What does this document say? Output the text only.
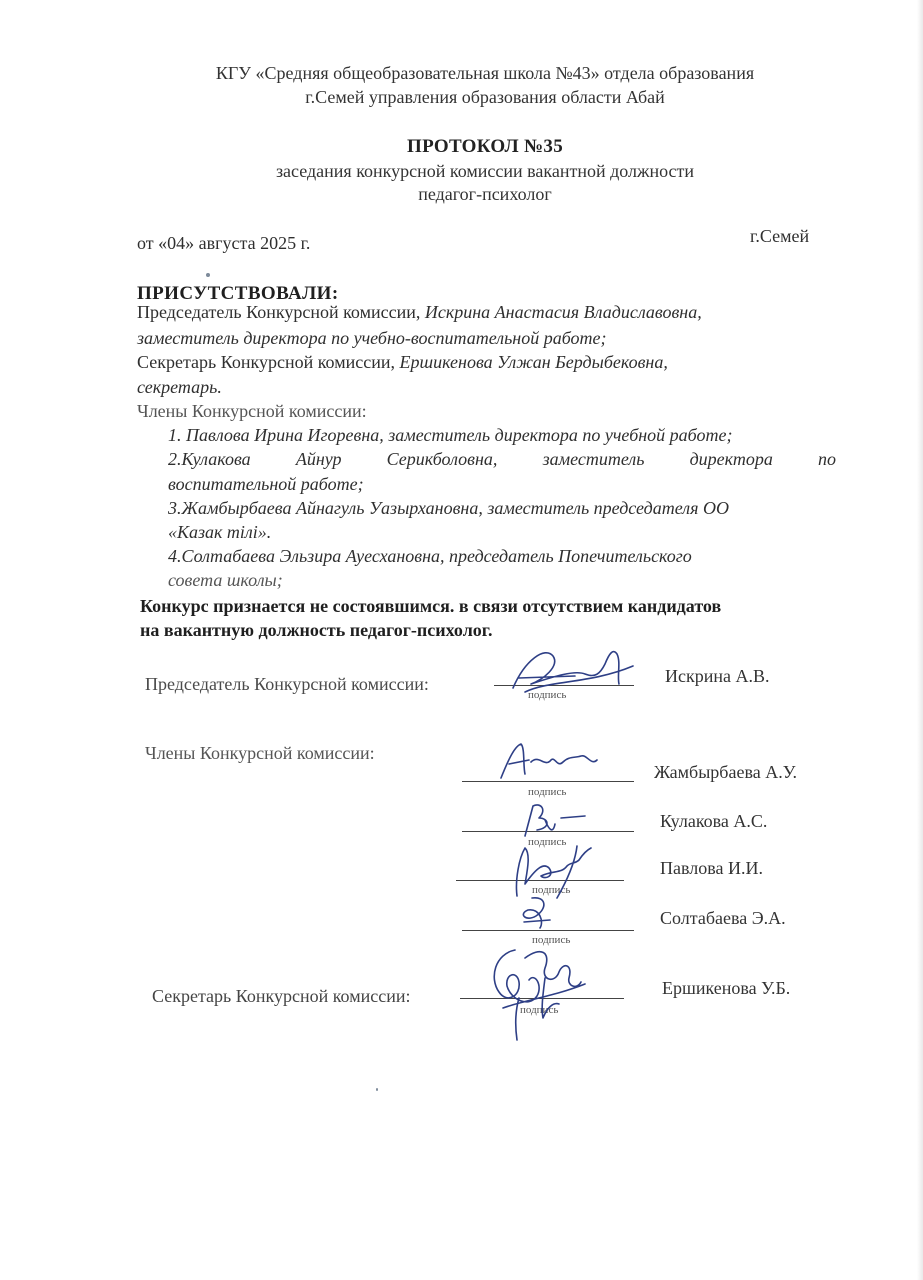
КГУ «Средняя общеобразовательная школа №43» отдела образования
г.Семей управления образования области Абай
ПРОТОКОЛ №35
заседания конкурсной комиссии вакантной должности
педагог-психолог
от «04» августа 2025 г.	г.Семей
ПРИСУТСТВОВАЛИ:
Председатель Конкурсной комиссии, Искрина Анастасия Владиславовна,
заместитель директора по учебно-воспитательной работе;
Секретарь Конкурсной комиссии, Ершикенова Улжан Бердыбековна,
секретарь.
Члены Конкурсной комиссии:
1. Павлова Ирина Игоревна, заместитель директора по учебной работе;
2.Кулакова	Айнур	Серикболовна,	заместитель	директора	по
воспитательной работе;
3.Жамбырбаева Айнагуль Уазырхановна, заместитель председателя ОО
«Казак тілі».
4.Солтабаева Эльзира Ауесхановна, председатель Попечительского
совета школы;
Конкурс признается не состоявшимся. в связи отсутствием кандидатов
на вакантную должность педагог-психолог.
Председатель Конкурсной комиссии:
подпись
Искрина А.В.
Члены Конкурсной комиссии:
подпись
Жамбырбаева А.У.
подпись
Кулакова А.С.
подпись
Павлова И.И.
подпись
Солтабаева Э.А.
Секретарь Конкурсной комиссии:
подпись
Ершикенова У.Б.
